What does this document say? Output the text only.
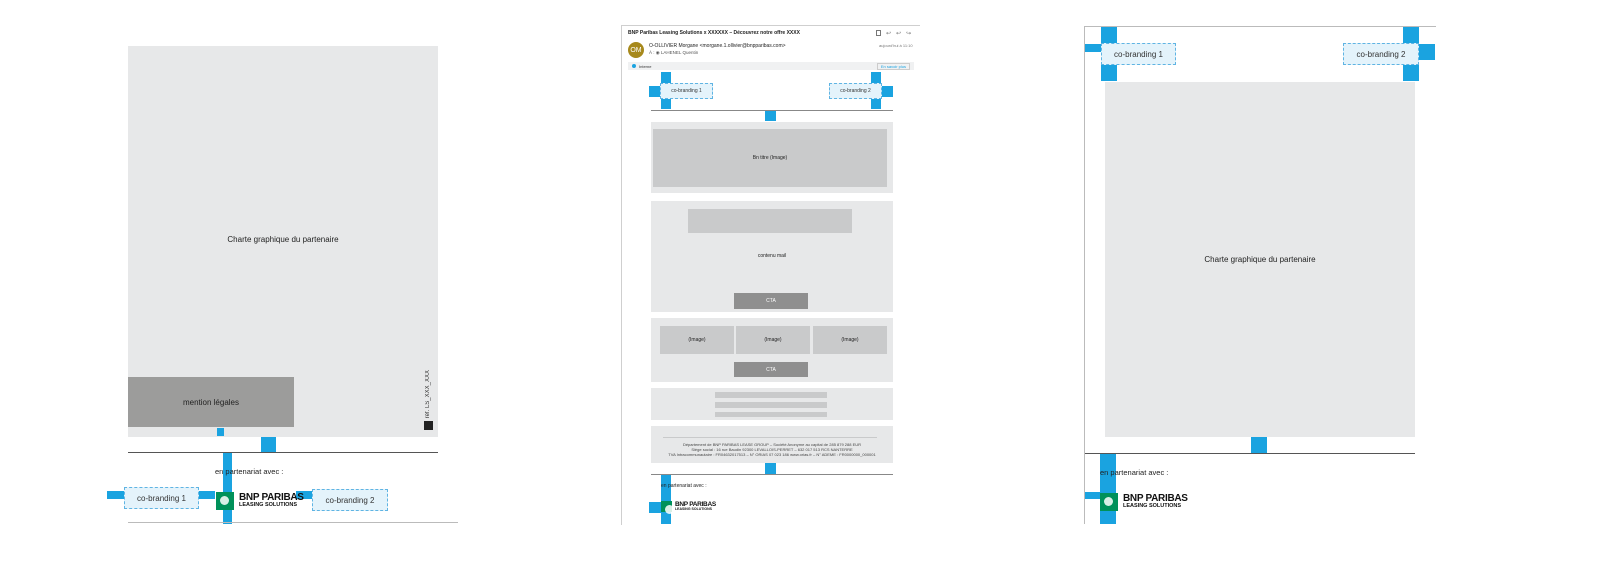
Charte graphique du partenaire
mention légales	réf. LS_XXX_XXX
en partenariat avec :
co-branding 1	BNP PARIBAS
LEASING SOLUTIONS
co-branding 2
BNP Paribas Leasing Solutions x XXXXXX – Découvrez notre offre XXXX	↩ ↩ ↪
OM
O-OLLIVIER Morgane <morgane.1.ollivier@bnpparibas.com>
À : ◉ LAHENEL Quentin
aujourd'hui à 11:10
Interne	En savoir plus
co-branding 1	co-branding 2
Bn titre (Image)
contenu mail
CTA
(Image)	(Image)	(Image)
CTA
Département de BNP PARIBAS LEASE GROUP – Société Anonyme au capital de 285 879 288 EUR
Siège social : 16 rue Baudin 92300 LEVALLOIS-PERRET – 632 017 513 RCS NANTERRE
TVA Intracommunautaire : FR04632017513 – N° ORIAS 07 023 186 www.orias.fr – N° ADEME : FR0000000_000001
en partenariat avec :
BNP PARIBAS
LEASING SOLUTIONS
co-branding 1	co-branding 2
Charte graphique du partenaire
en partenariat avec :
BNP PARIBAS
LEASING SOLUTIONS
